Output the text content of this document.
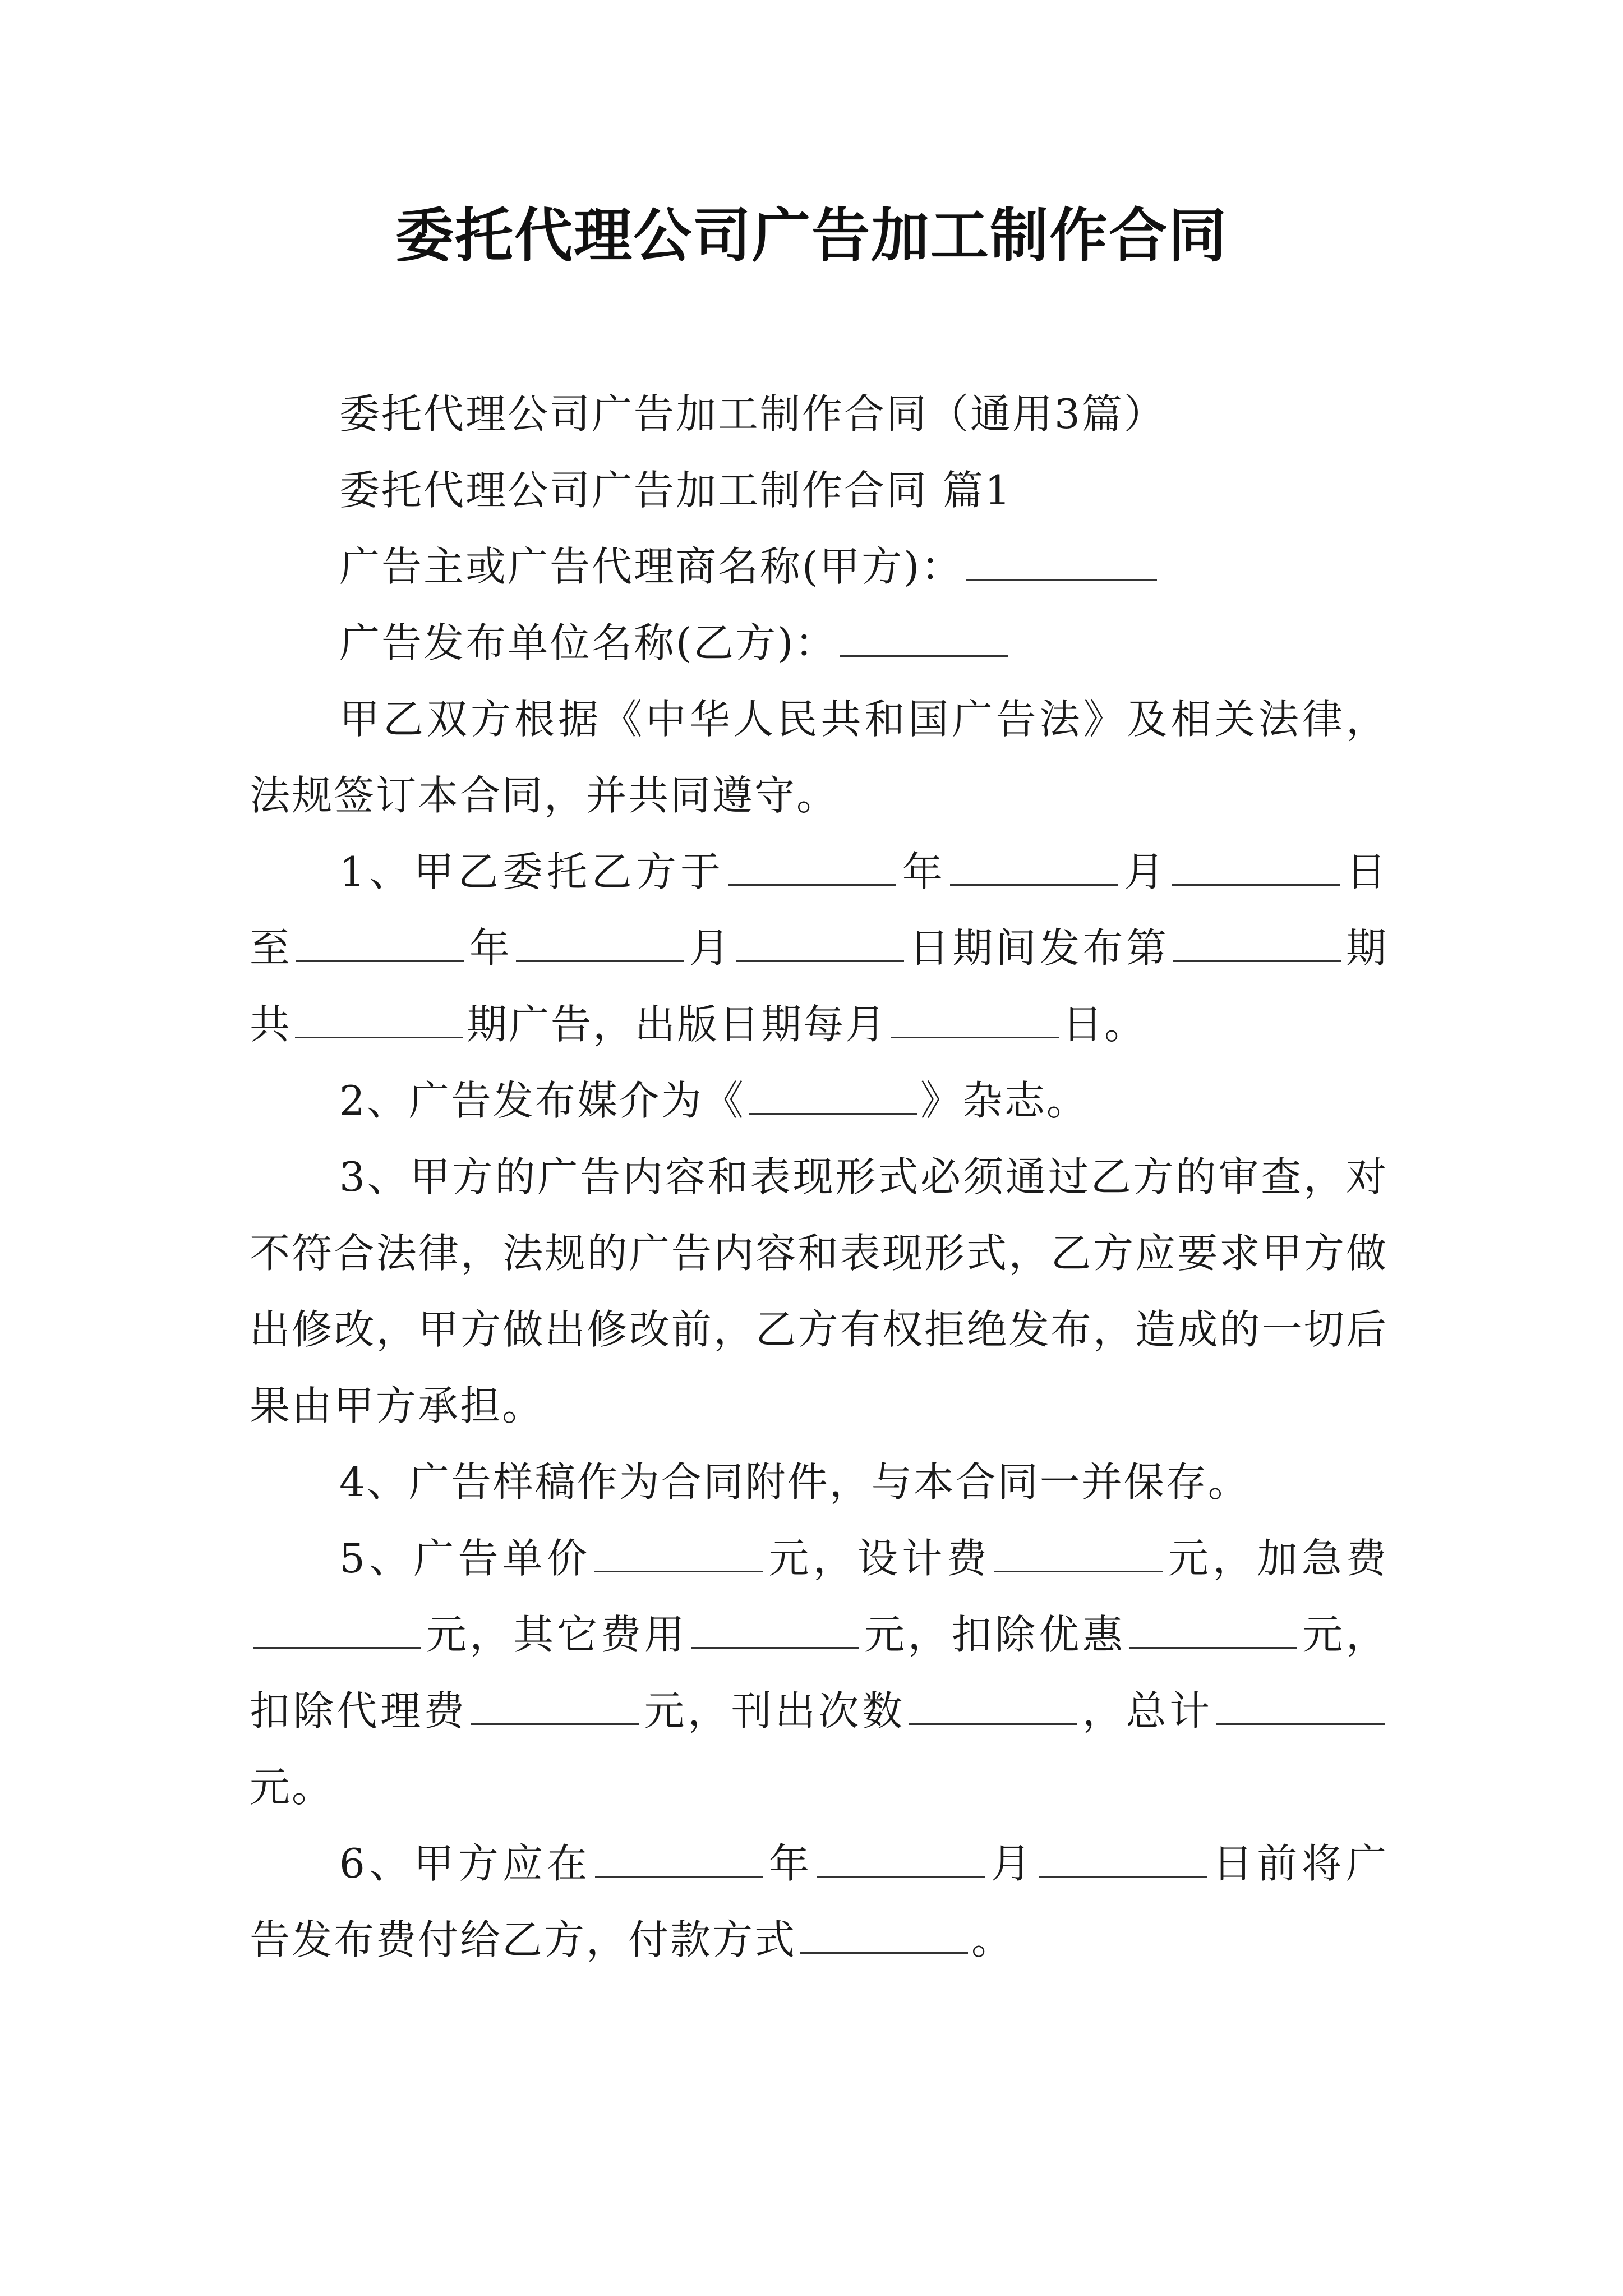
委托代理公司广告加工制作合同

委托代理公司广告加工制作合同（通用3篇）

委托代理公司广告加工制作合同 篇1

广告主或广告代理商名称(甲方)：

广告发布单位名称(乙方)：

甲乙双方根据《中华人民共和国广告法》及相关法律，法规签订本合同，并共同遵守。

1、甲乙委托乙方于	年	月	日至	年	月	日期间发布第	期共	期广告，出版日期每月	日。

2、广告发布媒介为《	》杂志。

3、甲方的广告内容和表现形式必须通过乙方的审查，对不符合法律，法规的广告内容和表现形式，乙方应要求甲方做出修改，甲方做出修改前，乙方有权拒绝发布，造成的一切后果由甲方承担。

4、广告样稿作为合同附件，与本合同一并保存。

5、广告单价	元，设计费	元，加急费元，其它费用	元，扣除优惠	元，扣除代理费	元，刊出次数	，总计元。

6、甲方应在	年	月	日前将广告发布费付给乙方，付款方式	。
